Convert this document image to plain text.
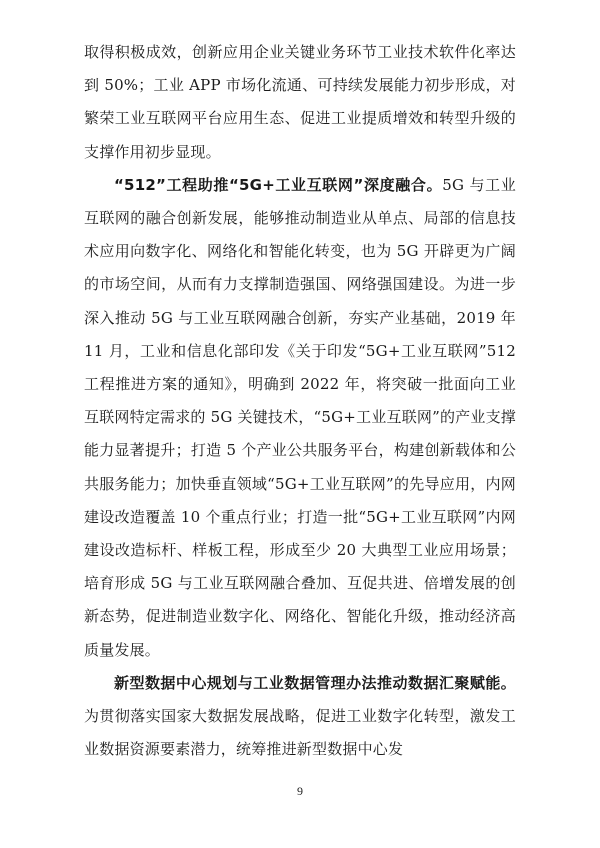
取得积极成效，创新应用企业关键业务环节工业技术软件化率达到 50%；工业 APP 市场化流通、可持续发展能力初步形成，对繁荣工业互联网平台应用生态、促进工业提质增效和转型升级的支撑作用初步显现。

“512”工程助推“5G+工业互联网”深度融合。5G 与工业互联网的融合创新发展，能够推动制造业从单点、局部的信息技术应用向数字化、网络化和智能化转变，也为 5G 开辟更为广阔的市场空间，从而有力支撑制造强国、网络强国建设。为进一步深入推动 5G 与工业互联网融合创新，夯实产业基础，2019 年 11 月，工业和信息化部印发《关于印发“5G+工业互联网”512 工程推进方案的通知》，明确到 2022 年，将突破一批面向工业互联网特定需求的 5G 关键技术，“5G+工业互联网”的产业支撑能力显著提升；打造 5 个产业公共服务平台，构建创新载体和公共服务能力；加快垂直领域“5G+工业互联网”的先导应用，内网建设改造覆盖 10 个重点行业；打造一批“5G+工业互联网”内网建设改造标杆、样板工程，形成至少 20 大典型工业应用场景；培育形成 5G 与工业互联网融合叠加、互促共进、倍增发展的创新态势，促进制造业数字化、网络化、智能化升级，推动经济高质量发展。

新型数据中心规划与工业数据管理办法推动数据汇聚赋能。为贯彻落实国家大数据发展战略，促进工业数字化转型，激发工业数据资源要素潜力，统筹推进新型数据中心发

9
